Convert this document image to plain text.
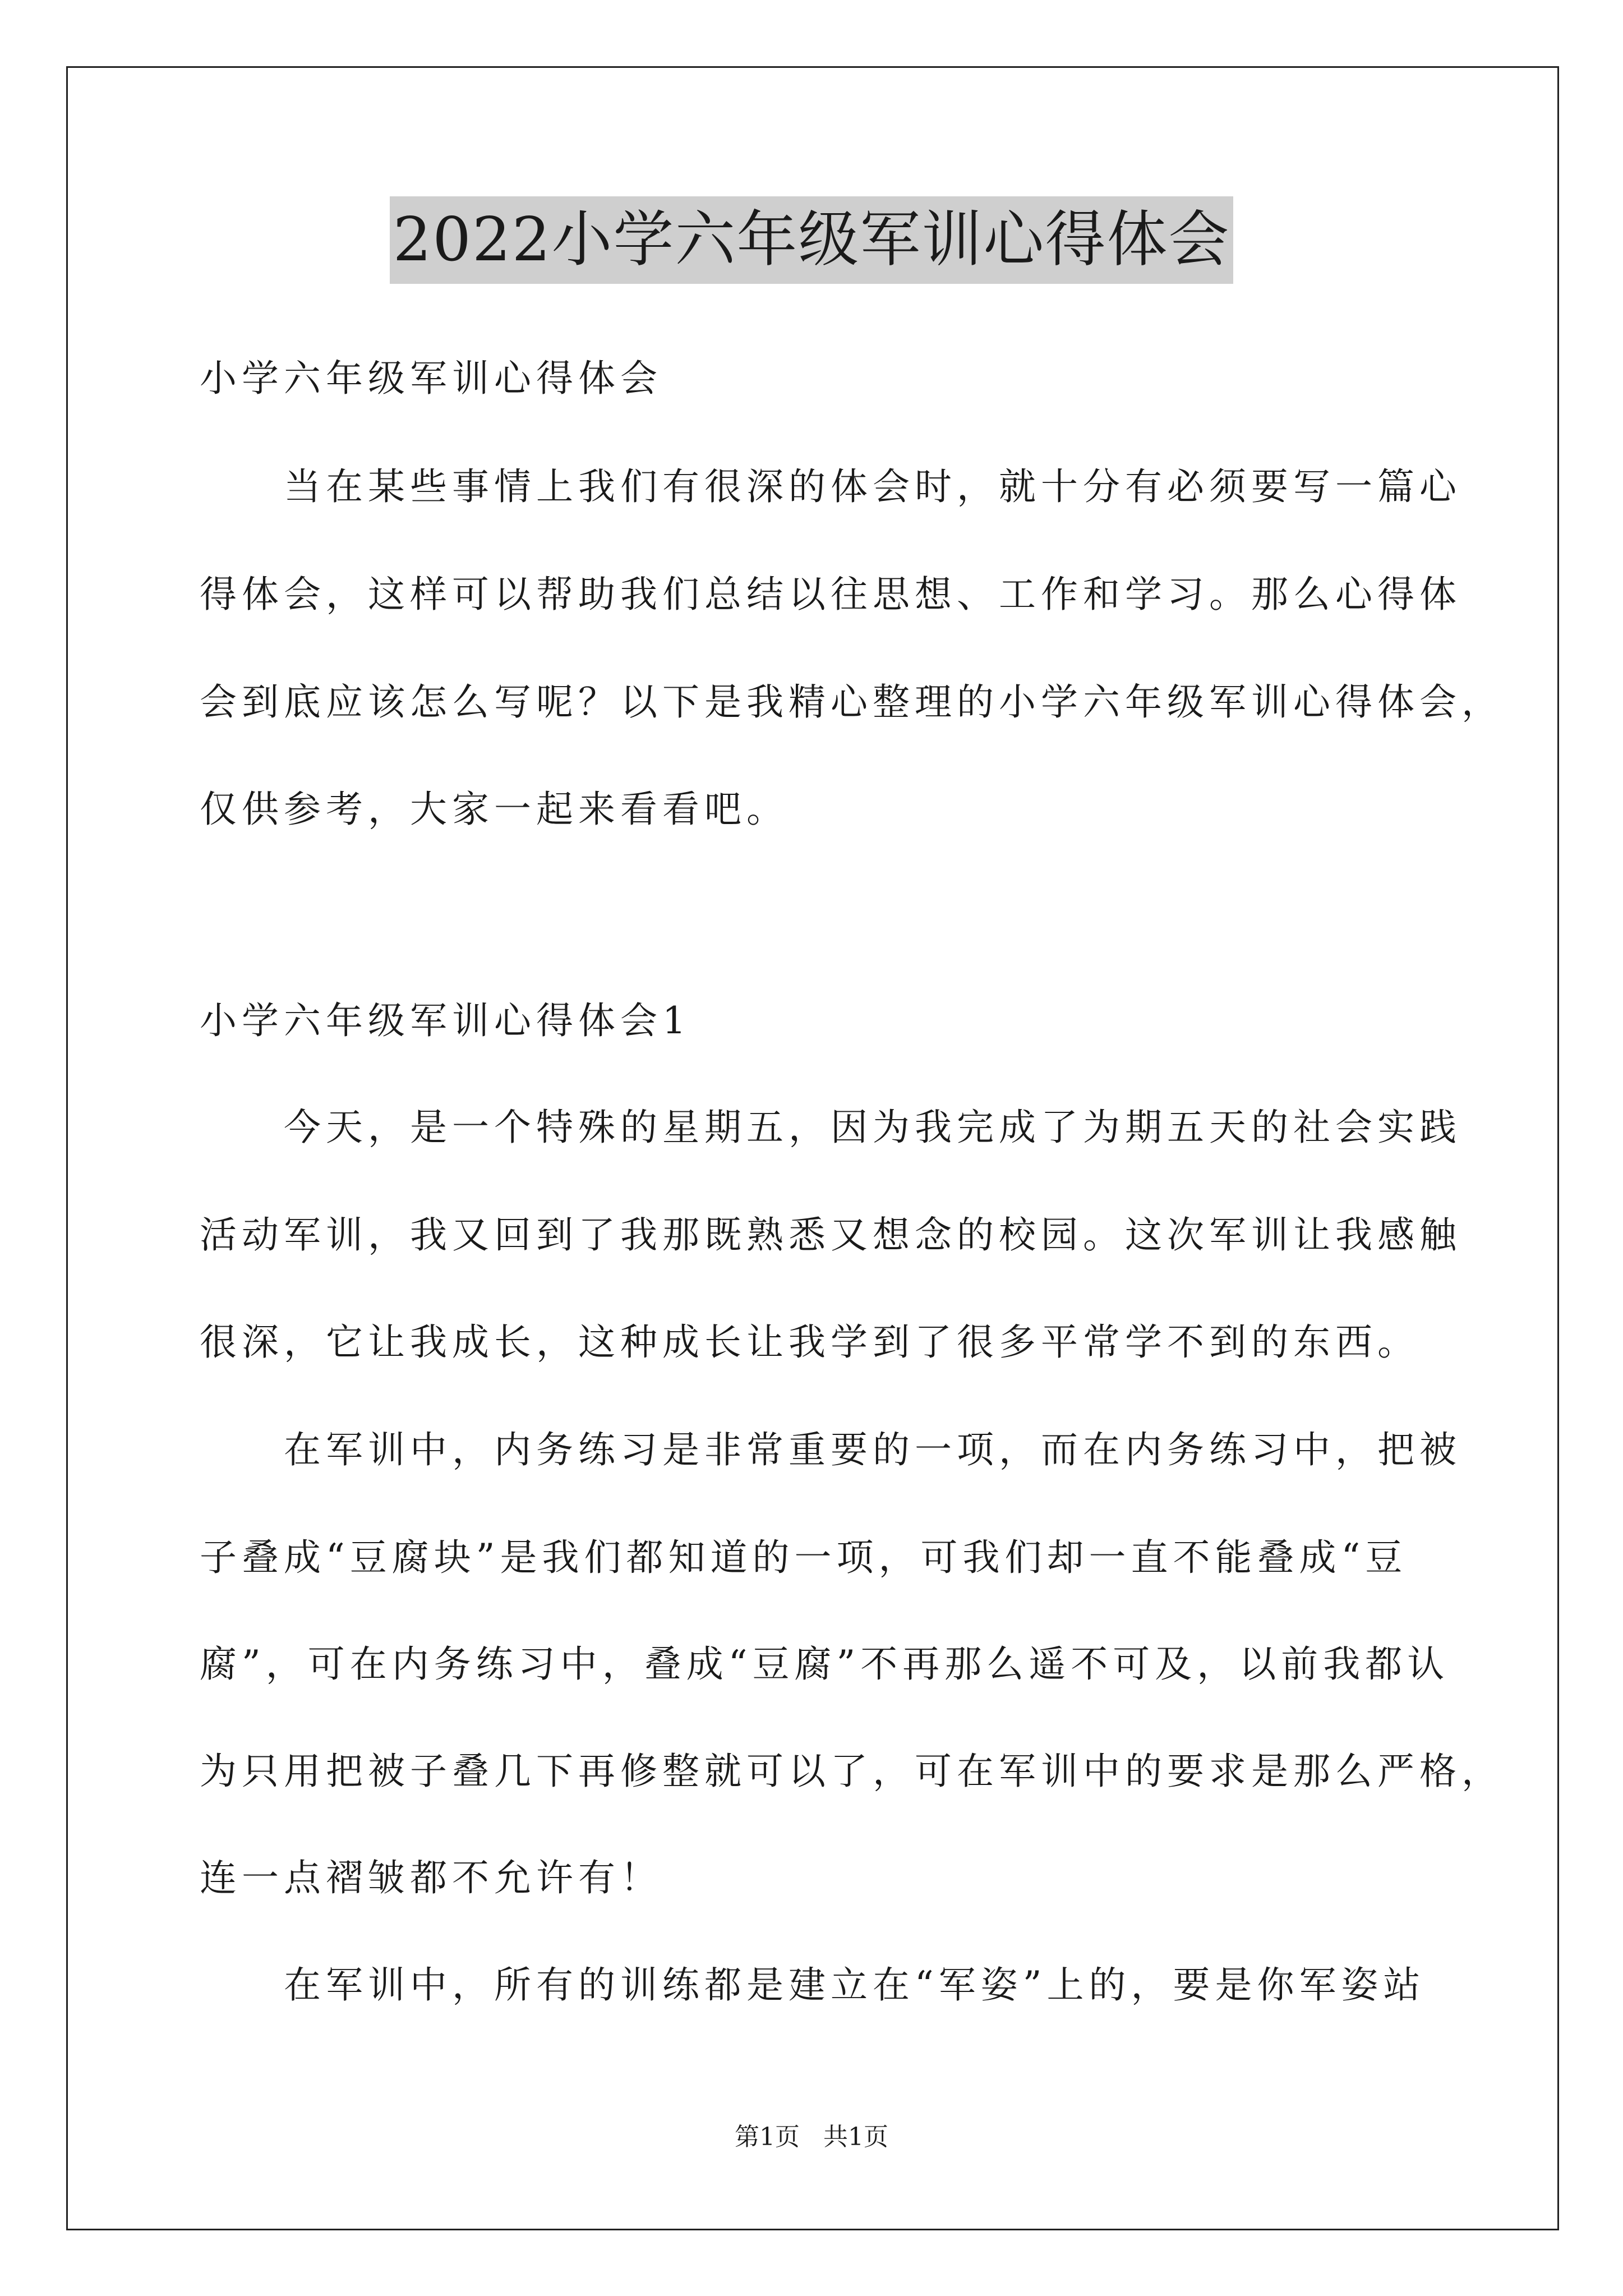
2022小学六年级军训心得体会
小学六年级军训心得体会
　　当在某些事情上我们有很深的体会时，就十分有必须要写一篇心
得体会，这样可以帮助我们总结以往思想、工作和学习。那么心得体
会到底应该怎么写呢？以下是我精心整理的小学六年级军训心得体会，
仅供参考，大家一起来看看吧。
小学六年级军训心得体会1
　　今天，是一个特殊的星期五，因为我完成了为期五天的社会实践
活动军训，我又回到了我那既熟悉又想念的校园。这次军训让我感触
很深，它让我成长，这种成长让我学到了很多平常学不到的东西。
　　在军训中，内务练习是非常重要的一项，而在内务练习中，把被
子叠成“豆腐块”是我们都知道的一项，可我们却一直不能叠成“豆
腐”，可在内务练习中，叠成“豆腐”不再那么遥不可及，以前我都认
为只用把被子叠几下再修整就可以了，可在军训中的要求是那么严格，
连一点褶皱都不允许有！
　　在军训中，所有的训练都是建立在“军姿”上的，要是你军姿站
第1页 共1页
